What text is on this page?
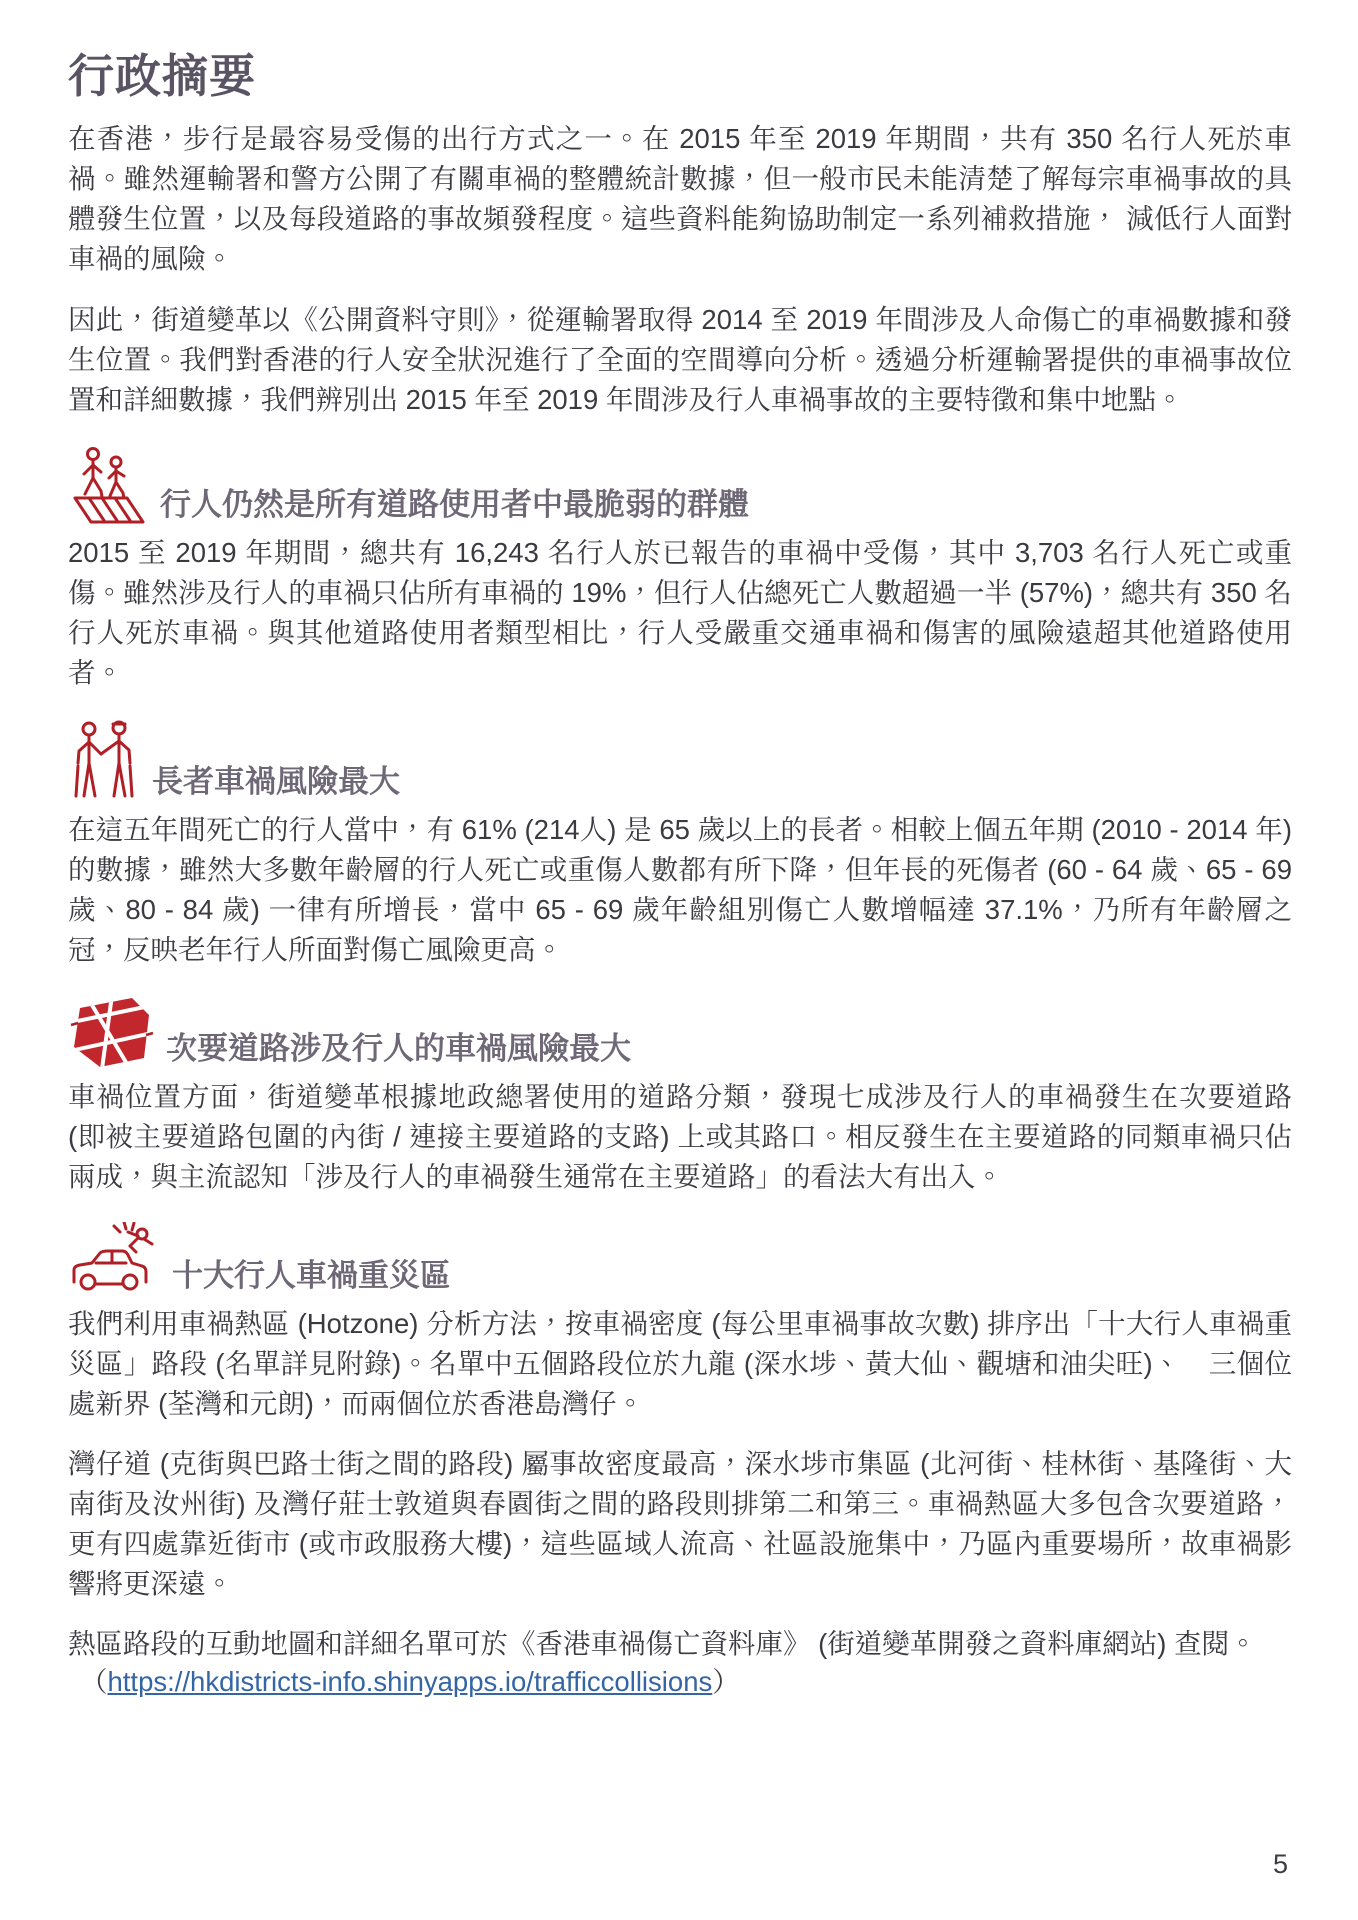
行政摘要

在香港，步行是最容易受傷的出行方式之一。在 2015 年至 2019 年期間，共有 350 名行人死於車禍。雖然運輸署和警方公開了有關車禍的整體統計數據，但一般市民未能清楚了解每宗車禍事故的具體發生位置，以及每段道路的事故頻發程度。這些資料能夠協助制定一系列補救措施， 減低行人面對車禍的風險。

因此，街道變革以《公開資料守則》，從運輸署取得 2014 至 2019 年間涉及人命傷亡的車禍數據和發生位置。我們對香港的行人安全狀況進行了全面的空間導向分析。透過分析運輸署提供的車禍事故位置和詳細數據，我們辨別出 2015 年至 2019 年間涉及行人車禍事故的主要特徵和集中地點。

行人仍然是所有道路使用者中最脆弱的群體

2015 至 2019 年期間，總共有 16,243 名行人於已報告的車禍中受傷，其中 3,703 名行人死亡或重傷。雖然涉及行人的車禍只佔所有車禍的 19%，但行人佔總死亡人數超過一半 (57%)，總共有 350 名行人死於車禍。與其他道路使用者類型相比，行人受嚴重交通車禍和傷害的風險遠超其他道路使用者。

長者車禍風險最大

在這五年間死亡的行人當中，有 61% (214人) 是 65 歲以上的長者。相較上個五年期 (2010 - 2014 年) 的數據，雖然大多數年齡層的行人死亡或重傷人數都有所下降，但年長的死傷者 (60 - 64 歲、65 - 69 歲、80 - 84 歲) 一律有所增長，當中 65 - 69 歲年齡組別傷亡人數增幅達 37.1%，乃所有年齡層之冠，反映老年行人所面對傷亡風險更高。

次要道路涉及行人的車禍風險最大

車禍位置方面，街道變革根據地政總署使用的道路分類，發現七成涉及行人的車禍發生在次要道路 (即被主要道路包圍的內街 / 連接主要道路的支路) 上或其路口。相反發生在主要道路的同類車禍只佔兩成，與主流認知「涉及行人的車禍發生通常在主要道路」的看法大有出入。

十大行人車禍重災區

我們利用車禍熱區 (Hotzone) 分析方法，按車禍密度 (每公里車禍事故次數) 排序出「十大行人車禍重災區」路段 (名單詳見附錄)。名單中五個路段位於九龍 (深水埗、黃大仙、觀塘和油尖旺)、　三個位處新界 (荃灣和元朗)，而兩個位於香港島灣仔。

灣仔道 (克街與巴路士街之間的路段) 屬事故密度最高，深水埗市集區 (北河街、桂林街、基隆街、大南街及汝州街) 及灣仔莊士敦道與春園街之間的路段則排第二和第三。車禍熱區大多包含次要道路，更有四處靠近街市 (或市政服務大樓)，這些區域人流高、社區設施集中，乃區內重要場所，故車禍影響將更深遠。

熱區路段的互動地圖和詳細名單可於《香港車禍傷亡資料庫》 (街道變革開發之資料庫網站) 查閱。

（https://hkdistricts-info.shinyapps.io/trafficcollisions）
5
